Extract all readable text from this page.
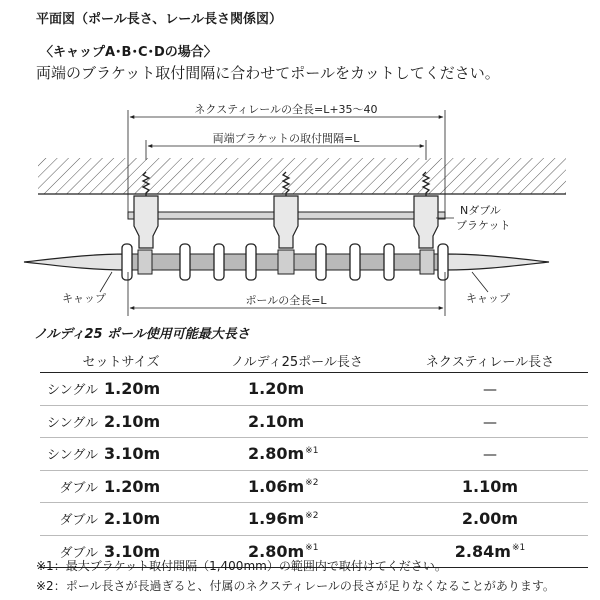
平面図（ポール長さ、レール長さ関係図）
〈キャップA･B･C･Dの場合〉
両端のブラケット取付間隔に合わせてポールをカットしてください。
ネクスティレールの全長=L+35〜40
両端ブラケットの取付間隔=L
ポールの全長=L
Nダブル
ブラケット
キャップ	キャップ
ノルディ25 ポール使用可能最大長さ
セットサイズ	ノルディ25ポール長さ	ネクスティレール長さ
シングル 1.20m	1.20m	—
シングル 2.10m	2.10m	—
シングル 3.10m	$2.80m^{※1}$	—
ダブル 1.20m	$1.06m^{※2}$	1.10m
ダブル 2.10m	$1.96m^{※2}$	2.00m
ダブル 3.10m	$2.80m^{※1}$	$2.84m^{※1}$
※1：最大ブラケット取付間隔（1,400mm）の範囲内で取付けてください。
※2：ポール長さが長過ぎると、付属のネクスティレールの長さが足りなくなることがあります。
